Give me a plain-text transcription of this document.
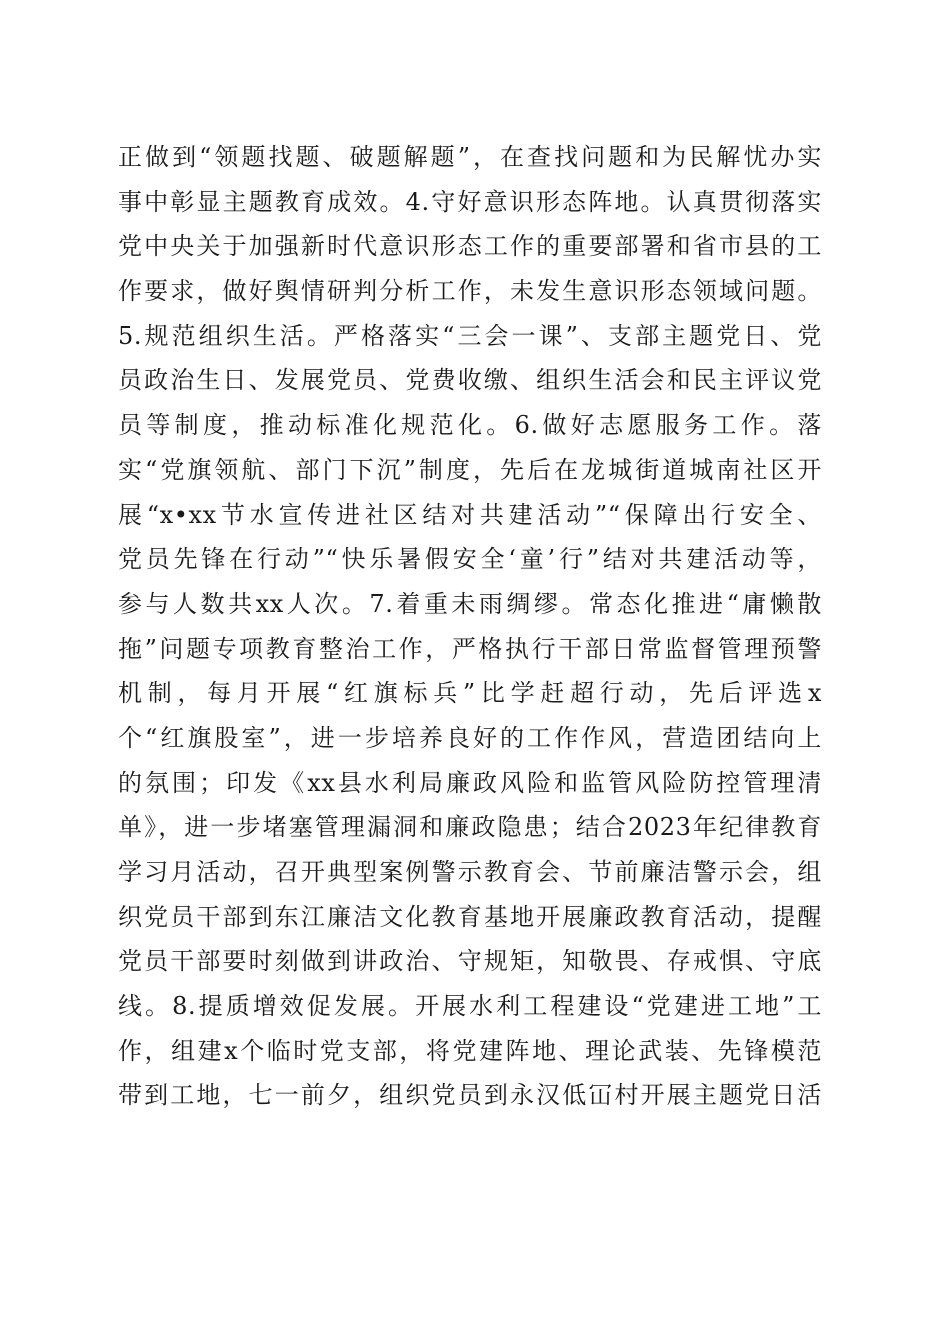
正做到“领题找题、破题解题”，在查找问题和为民解忧办实
事中彰显主题教育成效。4.守好意识形态阵地。认真贯彻落实
党中央关于加强新时代意识形态工作的重要部署和省市县的工
作要求，做好舆情研判分析工作，未发生意识形态领域问题。
5.规范组织生活。严格落实“三会一课”、支部主题党日、党
员政治生日、发展党员、党费收缴、组织生活会和民主评议党
员等制度，推动标准化规范化。6.做好志愿服务工作。落
实“党旗领航、部门下沉”制度，先后在龙城街道城南社区开
展“x•xx节水宣传进社区结对共建活动”“保障出行安全、
党员先锋在行动”“快乐暑假安全‘童’行”结对共建活动等，
参与人数共xx人次。7.着重未雨绸缪。常态化推进“庸懒散
拖”问题专项教育整治工作，严格执行干部日常监督管理预警
机制，每月开展“红旗标兵”比学赶超行动，先后评选x
个“红旗股室”，进一步培养良好的工作作风，营造团结向上
的氛围；印发《xx县水利局廉政风险和监管风险防控管理清
单》，进一步堵塞管理漏洞和廉政隐患；结合2023年纪律教育
学习月活动，召开典型案例警示教育会、节前廉洁警示会，组
织党员干部到东江廉洁文化教育基地开展廉政教育活动，提醒
党员干部要时刻做到讲政治、守规矩，知敬畏、存戒惧、守底
线。8.提质增效促发展。开展水利工程建设“党建进工地”工
作，组建x个临时党支部，将党建阵地、理论武装、先锋模范
带到工地，七一前夕，组织党员到永汉低冚村开展主题党日活
